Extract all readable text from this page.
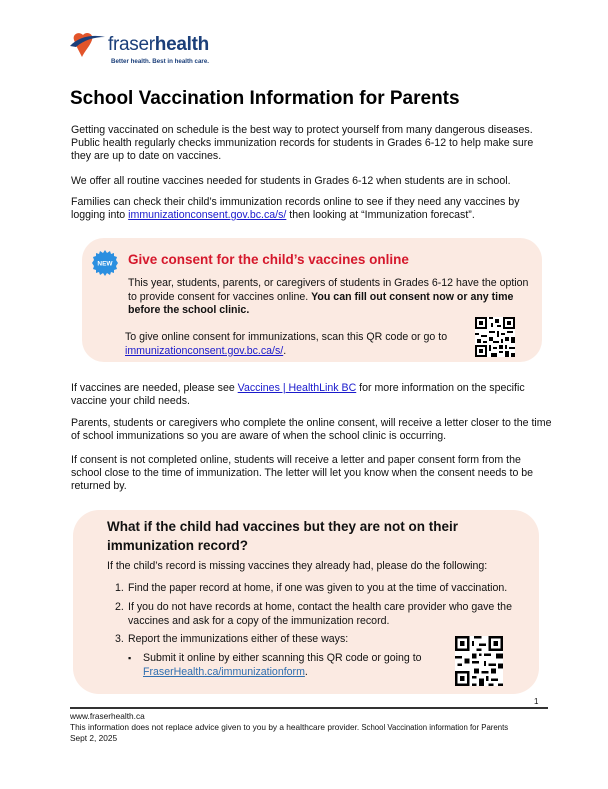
fraserhealth
Better health. Best in health care.
School Vaccination Information for Parents

Getting vaccinated on schedule is the best way to protect yourself from many dangerous diseases. Public health regularly checks immunization records for students in Grades 6-12 to help make sure they are up to date on vaccines.

We offer all routine vaccines needed for students in Grades 6-12 when students are in school.

Families can check their child’s immunization records online to see if they need any vaccines by logging into immunizationconsent.gov.bc.ca/s/ then looking at “Immunization forecast”.

NEW Give consent for the child’s vaccines online

This year, students, parents, or caregivers of students in Grades 6-12 have the option to provide consent for vaccines online. You can fill out consent now or any time before the school clinic.

To give online consent for immunizations, scan this QR code or go to immunizationconsent.gov.bc.ca/s/.

If vaccines are needed, please see Vaccines | HealthLink BC for more information on the specific vaccine your child needs.

Parents, students or caregivers who complete the online consent, will receive a letter closer to the time of school immunizations so you are aware of when the school clinic is occurring.

If consent is not completed online, students will receive a letter and paper consent form from the school close to the time of immunization. The letter will let you know when the consent needs to be returned by.

What if the child had vaccines but they are not on their immunization record?

If the child’s record is missing vaccines they already had, please do the following:

1. Find the paper record at home, if one was given to you at the time of vaccination.

2. If you do not have records at home, contact the health care provider who gave the vaccines and ask for a copy of the immunization record.

3. Report the immunizations either of these ways:

▪ Submit it online by either scanning this QR code or going to FraserHealth.ca/immunizationform.

1
www.fraserhealth.ca
This information does not replace advice given to you by a healthcare provider. School Vaccination information for Parents
Sept 2, 2025
